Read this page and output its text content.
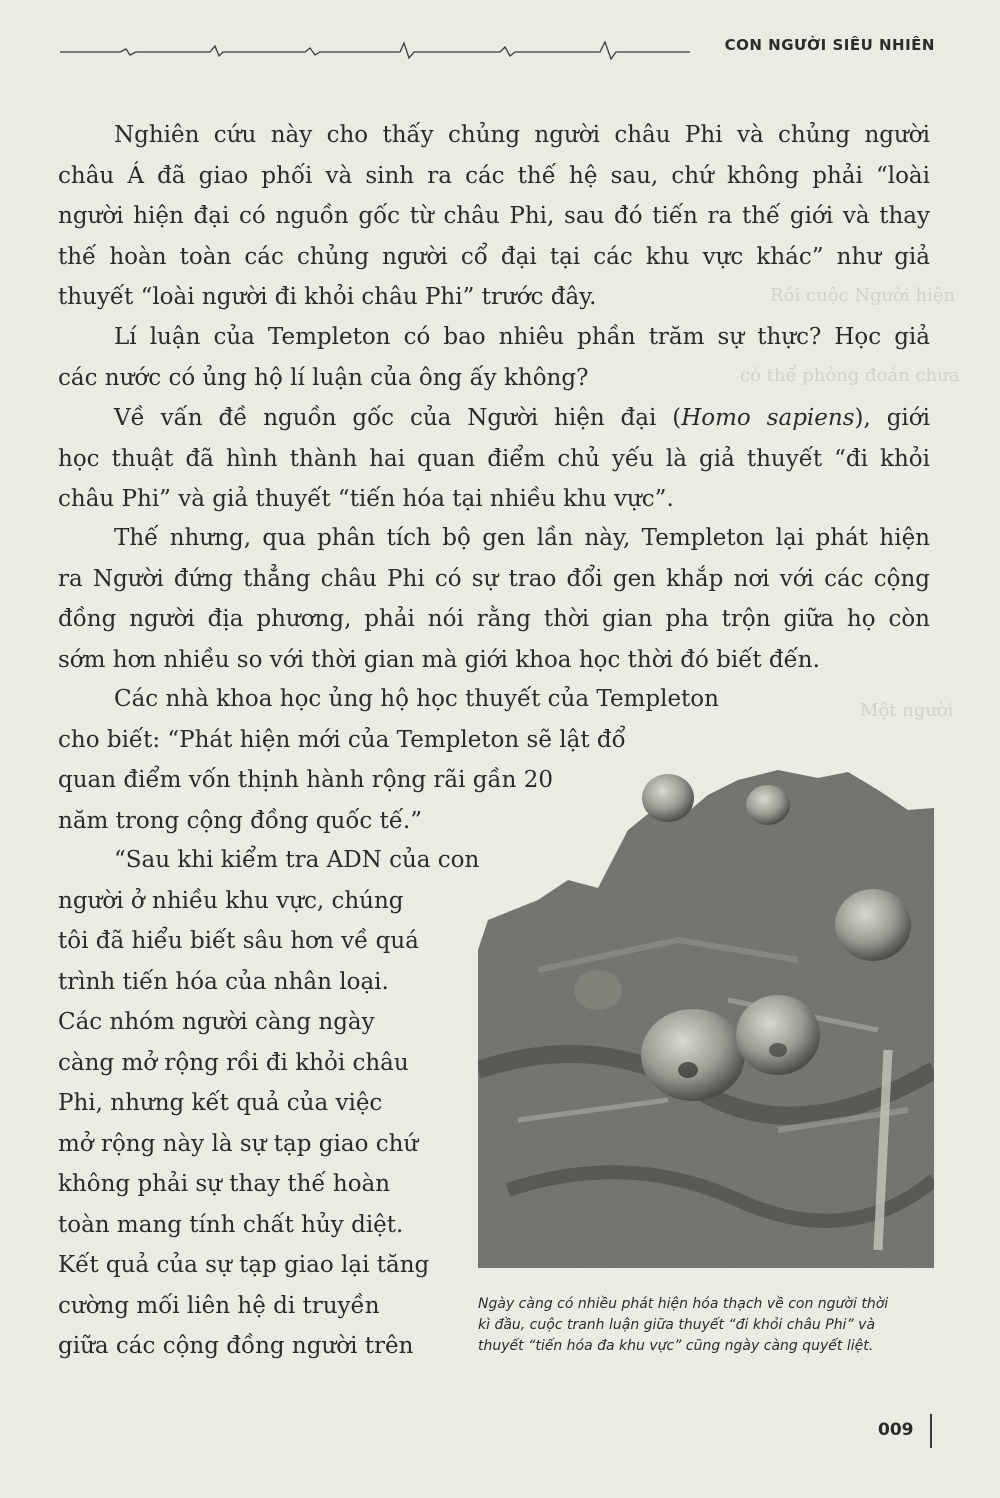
Rồi cuộc Người hiện
có thể phỏng đoán chưa
Một người
CON NGƯỜI SIÊU NHIÊN
Nghiên cứu này cho thấy chủng người châu Phi và chủng người
châu Á đã giao phối và sinh ra các thế hệ sau, chứ không phải “loài
người hiện đại có nguồn gốc từ châu Phi, sau đó tiến ra thế giới và thay
thế hoàn toàn các chủng người cổ đại tại các khu vực khác” như giả
thuyết “loài người đi khỏi châu Phi” trước đây.
Lí luận của Templeton có bao nhiêu phần trăm sự thực? Học giả
các nước có ủng hộ lí luận của ông ấy không?
Về vấn đề nguồn gốc của Người hiện đại (Homo sapiens), giới
học thuật đã hình thành hai quan điểm chủ yếu là giả thuyết “đi khỏi
châu Phi” và giả thuyết “tiến hóa tại nhiều khu vực”.
Thế nhưng, qua phân tích bộ gen lần này, Templeton lại phát hiện
ra Người đứng thẳng châu Phi có sự trao đổi gen khắp nơi với các cộng
đồng người địa phương, phải nói rằng thời gian pha trộn giữa họ còn
sớm hơn nhiều so với thời gian mà giới khoa học thời đó biết đến.
Các nhà khoa học ủng hộ học thuyết của Templeton
cho biết: “Phát hiện mới của Templeton sẽ lật đổ
quan điểm vốn thịnh hành rộng rãi gần 20
năm trong cộng đồng quốc tế.”
“Sau khi kiểm tra ADN của con
người ở nhiều khu vực, chúng
tôi đã hiểu biết sâu hơn về quá
trình tiến hóa của nhân loại.
Các nhóm người càng ngày
càng mở rộng rồi đi khỏi châu
Phi, nhưng kết quả của việc
mở rộng này là sự tạp giao chứ
không phải sự thay thế hoàn
toàn mang tính chất hủy diệt.
Kết quả của sự tạp giao lại tăng
cường mối liên hệ di truyền
giữa các cộng đồng người trên
Ngày càng có nhiều phát hiện hóa thạch về con người thời
kì đầu, cuộc tranh luận giữa thuyết “đi khỏi châu Phi” và
thuyết “tiến hóa đa khu vực” cũng ngày càng quyết liệt.
009
